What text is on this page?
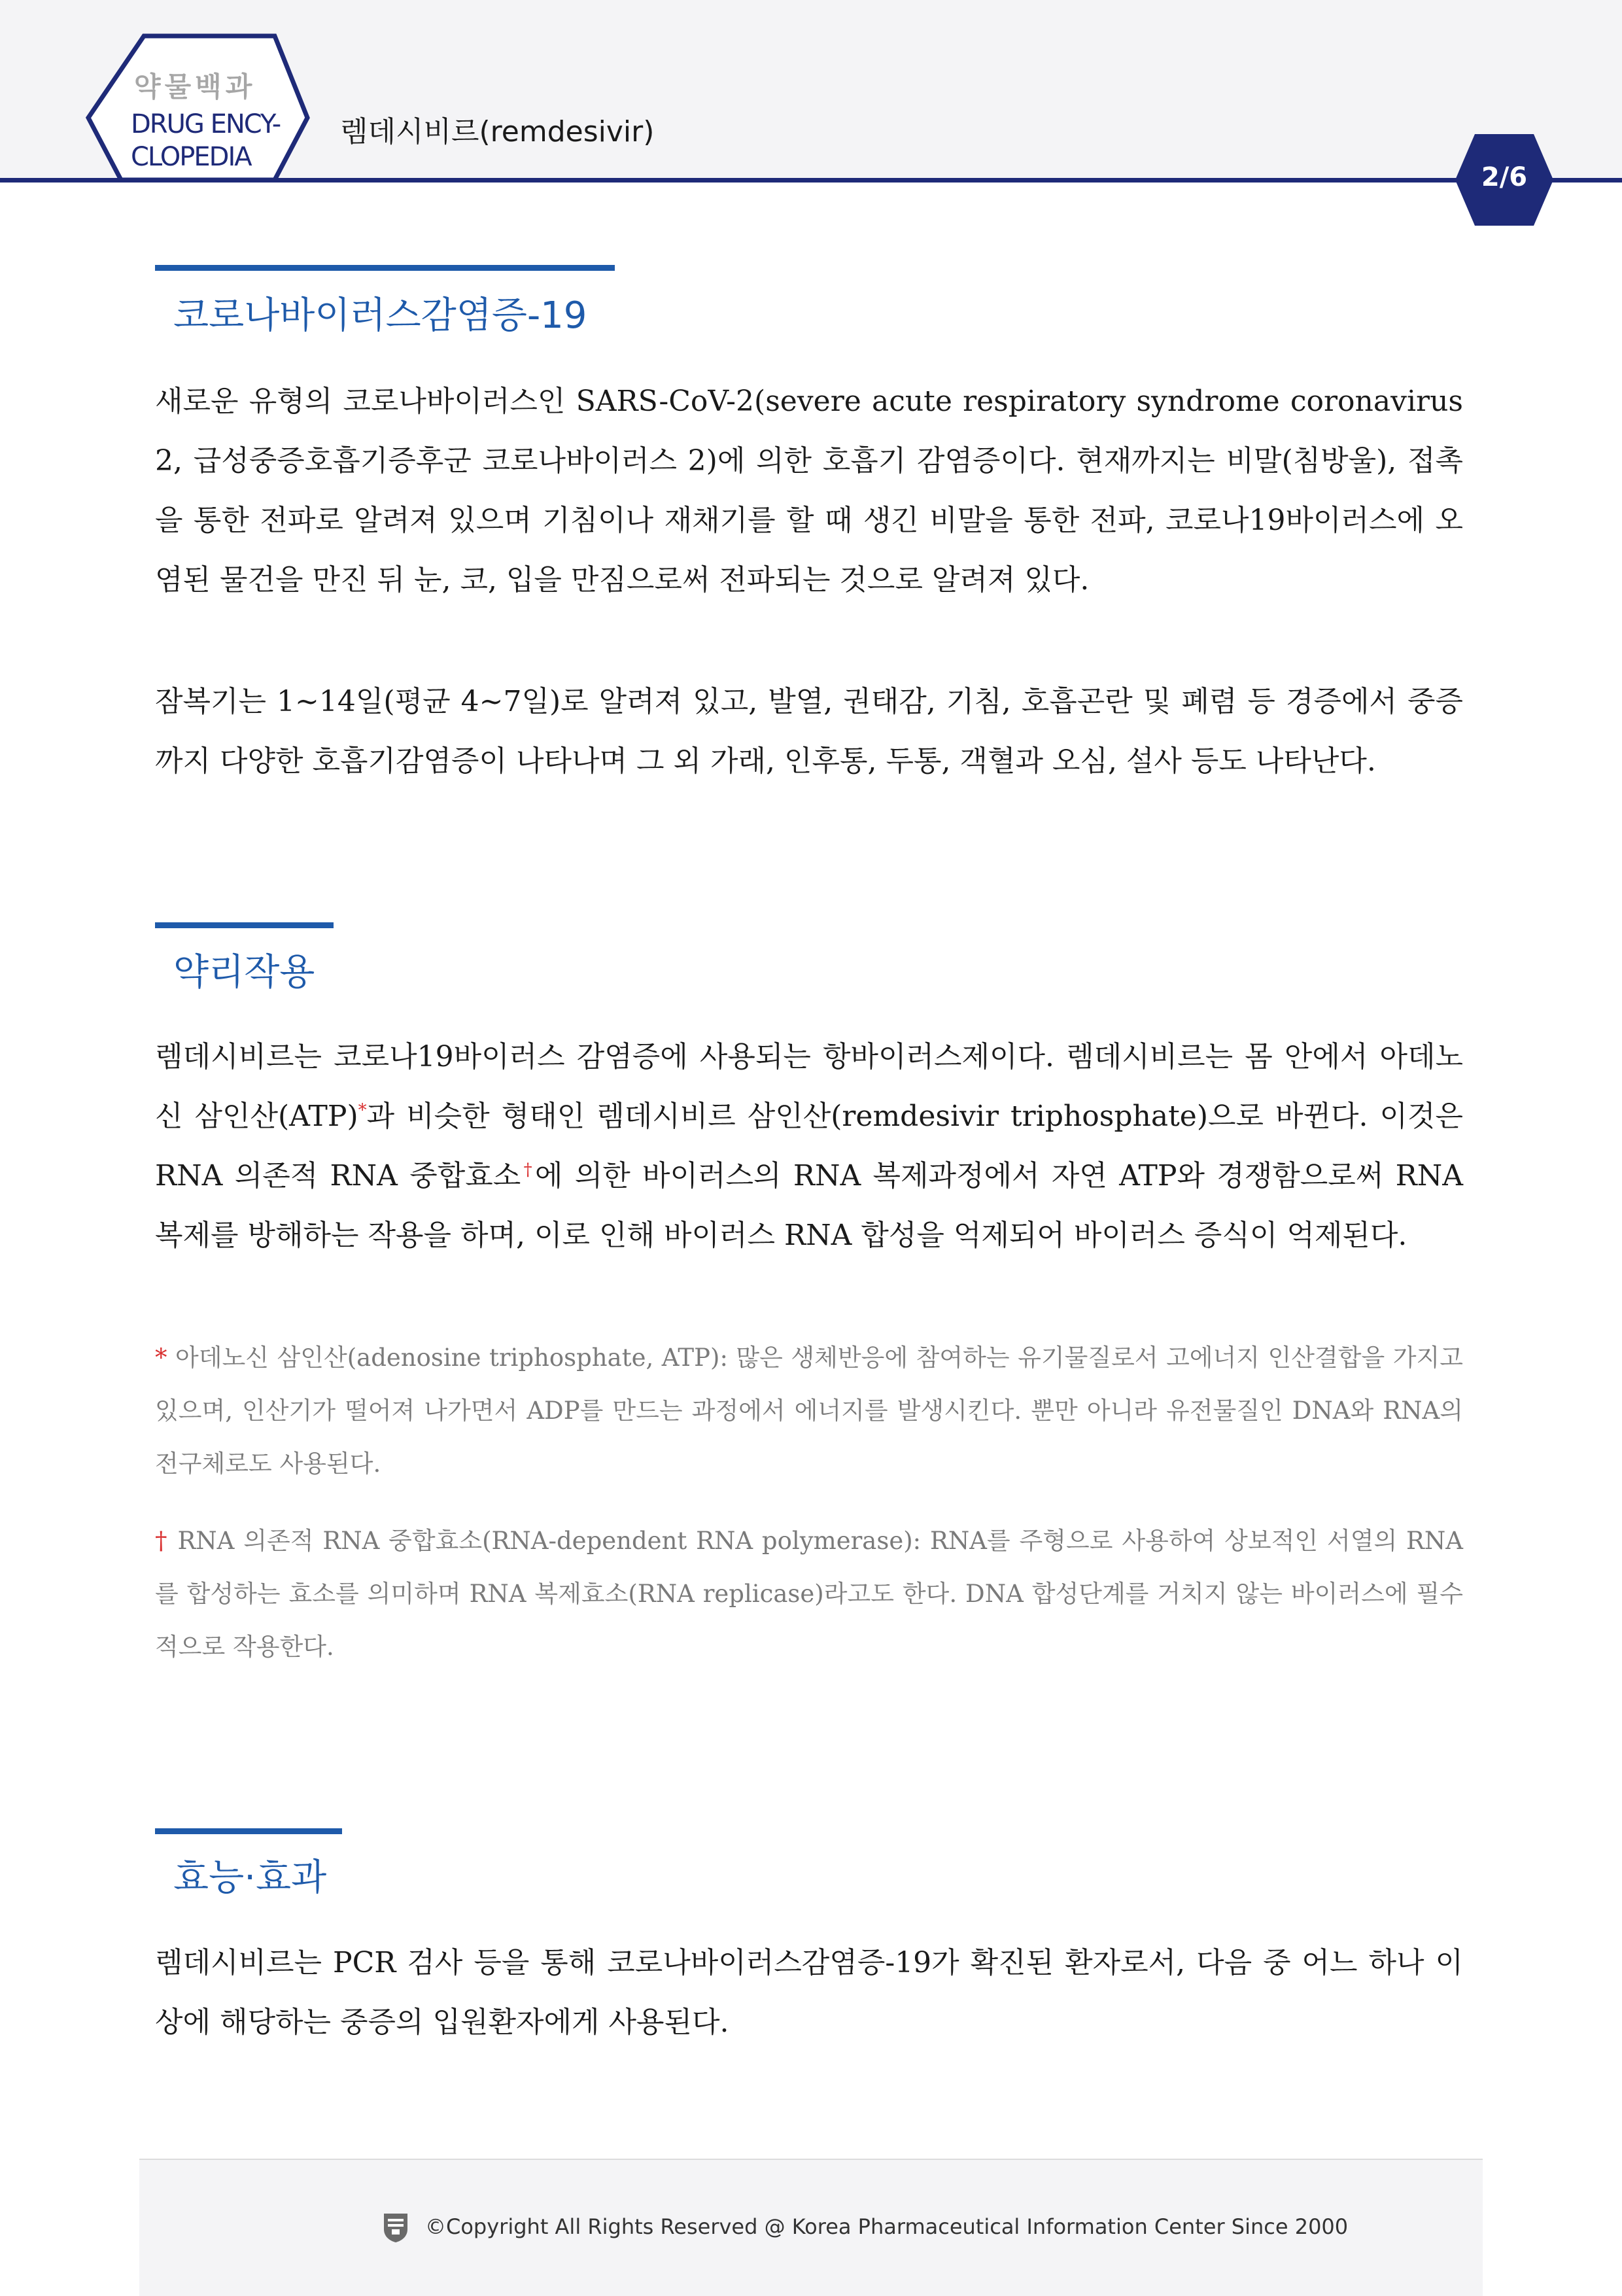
약물백과
DRUG ENCY-
CLOPEDIA
렘데시비르(remdesivir)
2/6
코로나바이러스감염증-19
새로운 유형의 코로나바이러스인 SARS-CoV-2(severe acute respiratory syndrome coronavirus 2, 급성중증호흡기증후군 코로나바이러스 2)에 의한 호흡기 감염증이다. 현재까지는 비말(침방울), 접촉을 통한 전파로 알려져 있으며 기침이나 재채기를 할 때 생긴 비말을 통한 전파, 코로나19바이러스에 오염된 물건을 만진 뒤 눈, 코, 입을 만짐으로써 전파되는 것으로 알려져 있다.
잠복기는 1~14일(평균 4~7일)로 알려져 있고, 발열, 권태감, 기침, 호흡곤란 및 폐렴 등 경증에서 중증까지 다양한 호흡기감염증이 나타나며 그 외 가래, 인후통, 두통, 객혈과 오심, 설사 등도 나타난다.
약리작용
렘데시비르는 코로나19바이러스 감염증에 사용되는 항바이러스제이다. 렘데시비르는 몸 안에서 아데노신 삼인산(ATP)*과 비슷한 형태인 렘데시비르 삼인산(remdesivir triphosphate)으로 바뀐다. 이것은 RNA 의존적 RNA 중합효소†에 의한 바이러스의 RNA 복제과정에서 자연 ATP와 경쟁함으로써 RNA 복제를 방해하는 작용을 하며, 이로 인해 바이러스 RNA 합성을 억제되어 바이러스 증식이 억제된다.
* 아데노신 삼인산(adenosine triphosphate, ATP): 많은 생체반응에 참여하는 유기물질로서 고에너지 인산결합을 가지고 있으며, 인산기가 떨어져 나가면서 ADP를 만드는 과정에서 에너지를 발생시킨다. 뿐만 아니라 유전물질인 DNA와 RNA의 전구체로도 사용된다.
† RNA 의존적 RNA 중합효소(RNA-dependent RNA polymerase): RNA를 주형으로 사용하여 상보적인 서열의 RNA를 합성하는 효소를 의미하며 RNA 복제효소(RNA replicase)라고도 한다. DNA 합성단계를 거치지 않는 바이러스에 필수적으로 작용한다.
효능·효과
렘데시비르는 PCR 검사 등을 통해 코로나바이러스감염증-19가 확진된 환자로서, 다음 중 어느 하나 이상에 해당하는 중증의 입원환자에게 사용된다.
©Copyright All Rights Reserved @ Korea Pharmaceutical Information Center Since 2000
